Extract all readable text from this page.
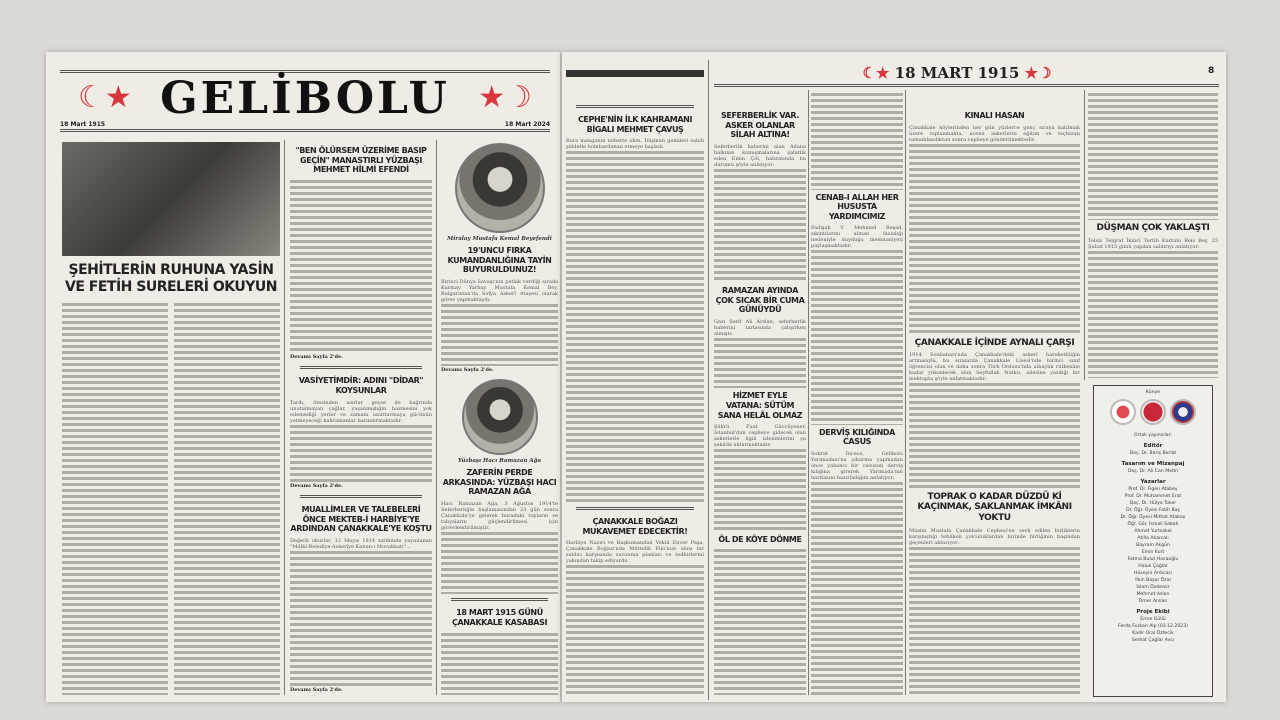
☾★ GELİBOLU ★☽
18 Mart 1915	18 Mart 2024
ŞEHİTLERİN RUHUNA YASİN VE FETİH SURELERİ OKUYUN
"BEN ÖLÜRSEM ÜZERİME BASIP GEÇİN" MANASTIRLI YÜZBAŞI MEHMET HİLMİ EFENDİ
Devamı Sayfa 2'de.
VASİYETİMDİR: ADINI "DİDAR" KOYSUNLAR
Tarih, ötesinden asırlar geçse de bağrında unutulmayan çağlar, yaşanmışlığın hazinesini yok edemediği yerler ve zamanı unutturmaya gücünün yetmeyeceği kahramanlar barındırmaktadır.
Devamı Sayfa 2'de.
MUALLİMLER VE TALEBELERİ ÖNCE MEKTEB-İ HARBİYE'YE ARDINDAN ÇANAKKALE'YE KOŞTU
Değerli okurlar, 12 Mayıs 1914 tarihinde yayınlanan "Mülkî-Belediye-Askerîye Kanun-ı Muvakkati"...
Devamı Sayfa 2'de.
Miralay Mustafa Kemal Beyefendi
19'UNCU FIRKA KUMANDANLIĞINA TAYİN BUYURULDUNUZ!
Birinci Dünya Savaşı'nın patlak verdiği sırada Kurmay Yarbay Mustafa Kemal Bey, Bulgaristan'da Sofya Askerî Ataşesi olarak görev yapmaktaydı.
Devamı Sayfa 2'de.
Yüzbaşı Hacı Ramazan Ağa
ZAFERİN PERDE ARKASINDA: YÜZBAŞI HACI RAMAZAN AĞA
Hacı Ramazan Ağa, 3 Ağustos 1914'te Seferberliğin başlamasından 23 gün sonra Çanakkale'ye gelerek buradaki topların ve tabyaların güçlendirilmesi için görevlendirilmiştir.
18 MART 1915 GÜNÜ ÇANAKKALE KASABASI
CEPHE'NİN İLK KAHRAMANI BİGALI MEHMET ÇAVUŞ
Bora manganın nöbette idim. Düşman gemileri sahili şiddetle bombardıman etmeye başladı.
ÇANAKKALE BOĞAZI MUKAVEMET EDECEKTİR!
Harbiye Nazırı ve Başkumandan Vekili Enver Paşa, Çanakkale Boğazı'nda Müttefik Filo'nun olası bir saldırı karşısında savunma planları ve tedbirlerini yakından takip ediyordu.
☾★ 18 MART 1915 ★☽	8
SEFERBERLİK VAR. ASKER OLANLAR SİLAH ALTINA!
Seferberlik haberini alan Adana halkının konuşmalarına şahitlik eden Emin Çöl, hatıratında bu durumu şöyle anlatıyor:
RAMAZAN AYINDA ÇOK SICAK BİR CUMA GÜNÜYDÜ
Gazi Şerif Ali Arslan, seferberlik haberini tarlasında çalışırken almıştı:
HİZMET EYLE VATANA: SÜTÜM SANA HELÂL OLMAZ
Şükrü Fuat Güccüyener, İstanbul'dan cepheye gidecek olan askerlerle ilgili izlenimlerini şu şekilde aktarmaktadır:
ÖL DE KÖYE DÖNME
CENAB-I ALLAH HER HUSUSTA YARDIMCIMIZ
Padişah V. Mehmed Reşad, sıkıntılarını alınan fazlalığı nedeniyle duyduğu memnuniyeti paylaşmaktadır:
DERVİŞ KILIĞINDA CASUS
Sokrat İnceoz, Gelibolu Yarımadası'na çıkarma yapmadan önce yabancı bir casusun derviş kılığına girerek Yarımada'nın haritasını hazırladığını anlatıyor:
KINALI HASAN
Çanakkale köylerinden her gün yüzlerce genç sıraya katılmak üzere toplanmakta, acemi askerlerin eğitim ve teçhizatı tamamlandıktan sonra cepheye gönderilmektedir.
ÇANAKKALE İÇİNDE AYNALI ÇARŞI
1914 Sonbaharı'nda Çanakkale'deki askerî hareketliliğin artmasıyla, bu sıralarda Çanakkale Lisesi'nde birinci sınıf öğrencisi olan ve daha sonra Türk Ordusu'nda albaylık rütbesine kadar yükselecek olan Seyfullah Nutku, ailesine yazdığı bir mektupta şöyle anlatmaktadır:
TOPRAK O KADAR DÜZDÜ Kİ KAÇINMAK, SAKLANMAK İMKÂNI YOKTU
Müsim Mustafa Çanakkale Cephesi'ne sevk edilen birliklerin karşılaştığı tehlikeli yolculuklardan birinde birliğinin başından geçenleri aktarıyor:
DÜŞMAN ÇOK YAKLAŞTI
Telsiz Telgraf İkinci Tertib Kurtulu Reis Bey, 25 Şubat 1915 günü yapılan saldırıyı anlatıyor:
Künye
Ortak yayıncılar:
Editör
Doç. Dr. Barış Borlat
Tasarım ve Mizanpaj
Doç. Dr. Ali Can Metin
Yazarlar
Prof. Dr. Figen Atabey
Prof. Dr. Muhammet Erat
Doç. Dr. Hülya Toker
Dr. Öğr. Üyesi Fatih Baş
Dr. Öğr. Üyesi Mithat Atabay
Öğr. Gör. İsmail Sabah
Ahmet Yurtsakal
Atilla Akarcalı
Bayram Akgün
Emin Kurt
Fatma Bulut Hocaoğlu
Haluk Çağlar
Hüseyin Ardıcacı
İlkin Başar Özal
İslam Özdemir
Mehmet Aslan
Ömer Arslan
Proje Ekibi
Emre Güllü
Ferda Furkan Alp (03.12.2023)
Kadir Oral Öztecik
Serhat Çağlar Avcı
